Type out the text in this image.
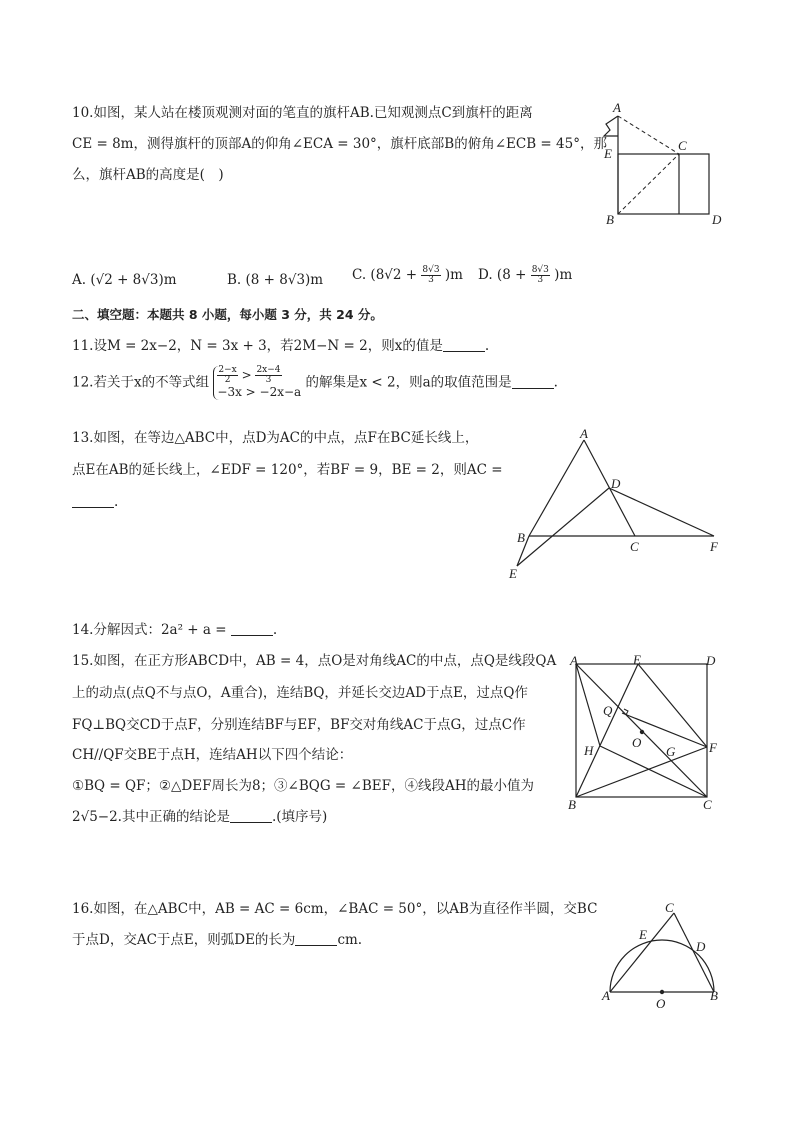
10.如图，某人站在楼顶观测对面的笔直的旗杆AB.已知观测点C到旗杆的距离
CE = 8m，测得旗杆的顶部A的仰角∠ECA = 30°，旗杆底部B的俯角∠ECB = 45°，那
么，旗杆AB的高度是(　)
A
E
C
B	D
A. (√2 + 8√3)m	B. (8 + 8√3)m C. $(8√2 + \frac{8√3}{3} )m$ D. $(8 + \frac{8√3}{3} )m$
二、填空题：本题共 8 小题，每小题 3 分，共 24 分。
11.设M = 2x−2，N = 3x + 3，若2M−N = 2，则x的值是	.
12.若关于x的不等式组 $\frac{2-x}{2} > \frac{2x-4}{3}$
−3x > −2x−a
的解集是x < 2，则a的取值范围是	.
13.如图，在等边△ABC中，点D为AC的中点，点F在BC延长线上，
点E在AB的延长线上，∠EDF = 120°，若BF = 9，BE = 2，则AC =
.
A
D
B
C	F
E
14.分解因式：2a² + a =	.
15.如图，在正方形ABCD中，AB = 4，点O是对角线AC的中点，点Q是线段QA
上的动点(点Q不与点O，A重合)，连结BQ，并延长交边AD于点E，过点Q作
FQ⊥BQ交CD于点F，分别连结BF与EF，BF交对角线AC于点G，过点C作
CH//QF交BE于点H，连结AH以下四个结论：
①BQ = QF；②△DEF周长为8；③∠BQG = ∠BEF，④线段AH的最小值为
2√5−2.其中正确的结论是	.(填序号)
A	E	D
Q
O
H	G	F
B	C
16.如图，在△ABC中，AB = AC = 6cm，∠BAC = 50°，以AB为直径作半圆，交BC
于点D，交AC于点E，则弧DE的长为	cm.
C
E
D
A
O
B
